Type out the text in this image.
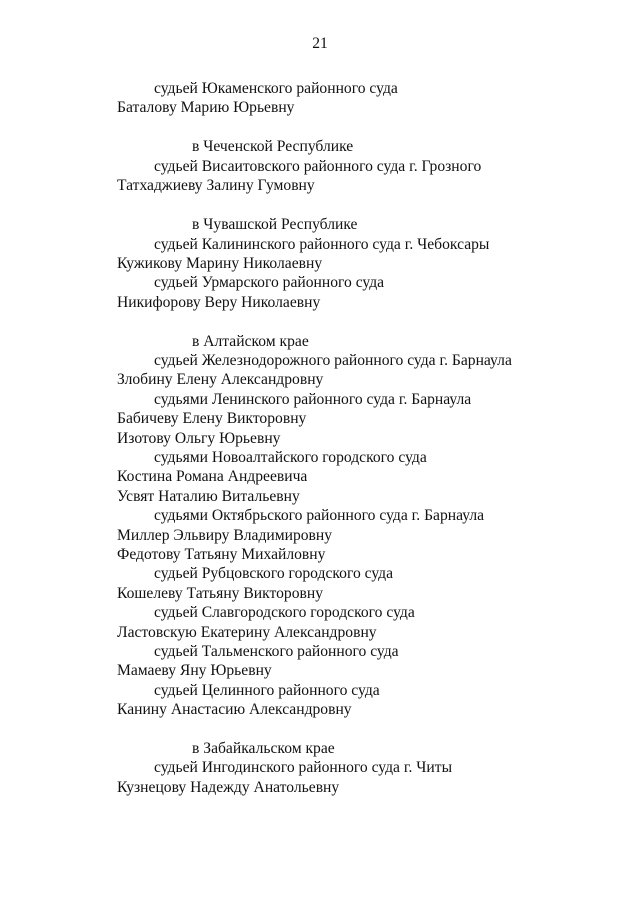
21
судьей Юкаменского районного суда
Баталову Марию Юрьевну
в Чеченской Республике
судьей Висаитовского районного суда г. Грозного
Татхаджиеву Залину Гумовну
в Чувашской Республике
судьей Калининского районного суда г. Чебоксары
Кужикову Марину Николаевну
судьей Урмарского районного суда
Никифорову Веру Николаевну
в Алтайском крае
судьей Железнодорожного районного суда г. Барнаула
Злобину Елену Александровну
судьями Ленинского районного суда г. Барнаула
Бабичеву Елену Викторовну
Изотову Ольгу Юрьевну
судьями Новоалтайского городского суда
Костина Романа Андреевича
Усвят Наталию Витальевну
судьями Октябрьского районного суда г. Барнаула
Миллер Эльвиру Владимировну
Федотову Татьяну Михайловну
судьей Рубцовского городского суда
Кошелеву Татьяну Викторовну
судьей Славгородского городского суда
Ластовскую Екатерину Александровну
судьей Тальменского районного суда
Мамаеву Яну Юрьевну
судьей Целинного районного суда
Канину Анастасию Александровну
в Забайкальском крае
судьей Ингодинского районного суда г. Читы
Кузнецову Надежду Анатольевну
